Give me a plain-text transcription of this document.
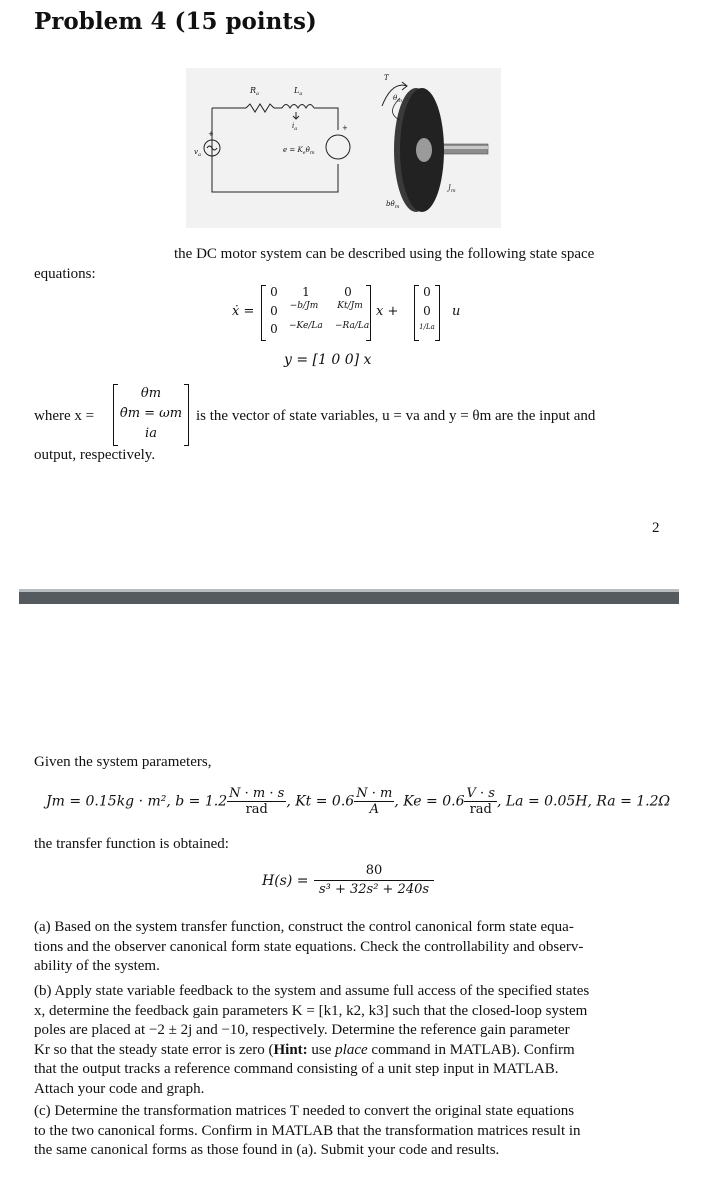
Problem 4 (15 points)
$R_a$	$L_a$
$i_a$
$v_a$
+
$e = K_e\thetȧ_m$
+
T
$\theta_m$
$b\thetȧ_m$
$J_m$
the DC motor system can be described using the following state space
equations:
ẋ =
0 1	0
0	−b/Jm Kt/Jm
0	−Ke/La −Ra/La
x +
0
0
1/La
u
y = [1 0 0] x
where x =
θm
θ̇m = ωm
ia
is the vector of state variables, u = va and y = θm are the input and
output, respectively.
2
Given the system parameters,
Jm = 0.15kg · m², $b = 1.2 \frac{N \cdot m \cdot s}{\text{rad}}$ , $Kt = 0.6 \frac{N \cdot m}{A}$ , $Ke = 0.6 \frac{V \cdot s}{\text{rad}}$ , La = 0.05H, Ra = 1.2Ω
the transfer function is obtained:
H(s) =
80
s³ + 32s² + 240s
(a) Based on the system transfer function, construct the control canonical form state equa-
tions and the observer canonical form state equations. Check the controllability and observ-
ability of the system.
(b) Apply state variable feedback to the system and assume full access of the specified states
x, determine the feedback gain parameters K = [k1, k2, k3] such that the closed-loop system
poles are placed at −2 ± 2j and −10, respectively. Determine the reference gain parameter
Kr so that the steady state error is zero (Hint: use place command in MATLAB). Confirm
that the output tracks a reference command consisting of a unit step input in MATLAB.
Attach your code and graph.
(c) Determine the transformation matrices T needed to convert the original state equations
to the two canonical forms. Confirm in MATLAB that the transformation matrices result in
the same canonical forms as those found in (a). Submit your code and results.
